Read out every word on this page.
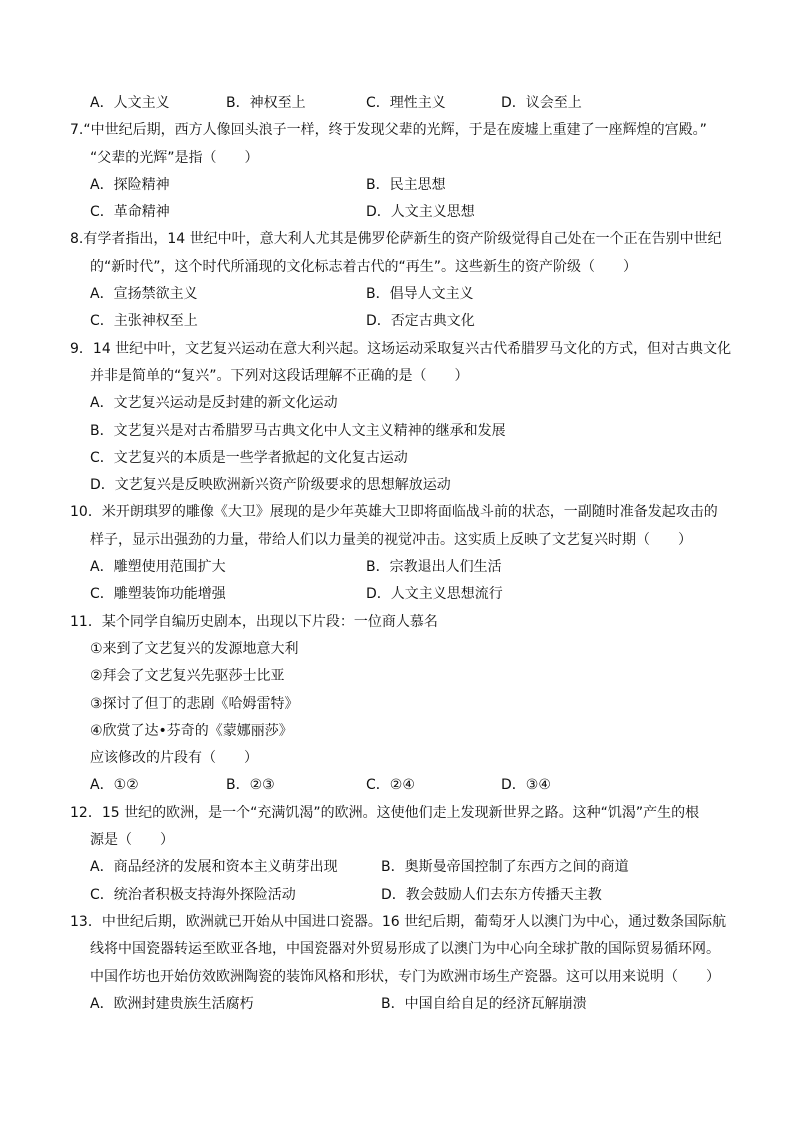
A．人文主义	B．神权至上	C．理性主义	D．议会至上
7.“中世纪后期，西方人像回头浪子一样，终于发现父辈的光辉，于是在废墟上重建了一座辉煌的宫殿。”
“父辈的光辉”是指（　　）
A．探险精神	B．民主思想
C．革命精神	D．人文主义思想
8.有学者指出，14 世纪中叶，意大利人尤其是佛罗伦萨新生的资产阶级觉得自己处在一个正在告别中世纪
的“新时代”，这个时代所涌现的文化标志着古代的“再生”。这些新生的资产阶级（　　）
A．宣扬禁欲主义	B．倡导人文主义
C．主张神权至上	D．否定古典文化
9．14 世纪中叶，文艺复兴运动在意大利兴起。这场运动采取复兴古代希腊罗马文化的方式，但对古典文化
并非是简单的“复兴”。下列对这段话理解不正确的是（　　）
A．文艺复兴运动是反封建的新文化运动
B．文艺复兴是对古希腊罗马古典文化中人文主义精神的继承和发展
C．文艺复兴的本质是一些学者掀起的文化复古运动
D．文艺复兴是反映欧洲新兴资产阶级要求的思想解放运动
10．米开朗琪罗的雕像《大卫》展现的是少年英雄大卫即将面临战斗前的状态，一副随时准备发起攻击的
样子，显示出强劲的力量，带给人们以力量美的视觉冲击。这实质上反映了文艺复兴时期（　　）
A．雕塑使用范围扩大	B．宗教退出人们生活
C．雕塑装饰功能增强	D．人文主义思想流行
11．某个同学自编历史剧本，出现以下片段：一位商人慕名
①来到了文艺复兴的发源地意大利
②拜会了文艺复兴先驱莎士比亚
③探讨了但丁的悲剧《哈姆雷特》
④欣赏了达•芬奇的《蒙娜丽莎》
应该修改的片段有（　　）
A．①②	B．②③	C．②④	D．③④
12．15 世纪的欧洲，是一个“充满饥渴”的欧洲。这使他们走上发现新世界之路。这种“饥渴”产生的根
源是（　　）
A．商品经济的发展和资本主义萌芽出现	B．奥斯曼帝国控制了东西方之间的商道
C．统治者积极支持海外探险活动	D．教会鼓励人们去东方传播天主教
13．中世纪后期，欧洲就已开始从中国进口瓷器。16 世纪后期，葡萄牙人以澳门为中心，通过数条国际航
线将中国瓷器转运至欧亚各地，中国瓷器对外贸易形成了以澳门为中心向全球扩散的国际贸易循环网。
中国作坊也开始仿效欧洲陶瓷的装饰风格和形状，专门为欧洲市场生产瓷器。这可以用来说明（　　）
A．欧洲封建贵族生活腐朽	B．中国自给自足的经济瓦解崩溃
